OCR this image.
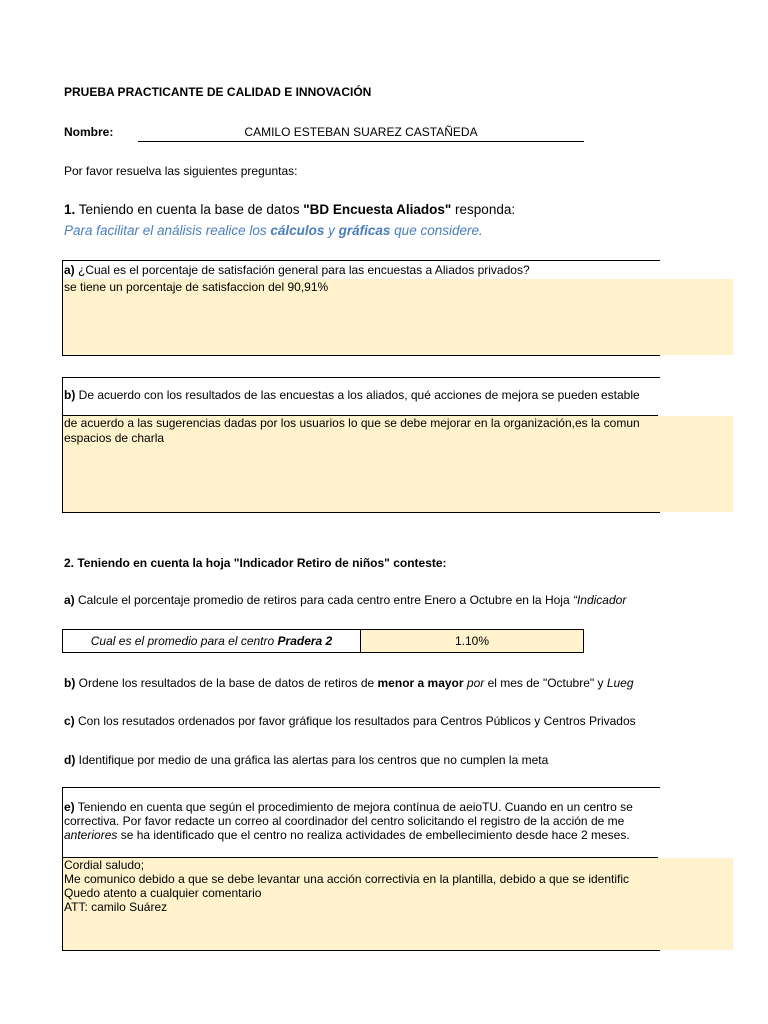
PRUEBA PRACTICANTE DE CALIDAD E INNOVACIÓN
Nombre:	CAMILO ESTEBAN SUAREZ CASTAÑEDA
Por favor resuelva las siguientes preguntas:
1. Teniendo en cuenta la base de datos "BD Encuesta Aliados" responda:
Para facilitar el análisis realice los cálculos y gráficas que considere.
a) ¿Cual es el porcentaje de satisfación general para las encuestas a Aliados privados?
se tiene un porcentaje de satisfaccion del 90,91%
b) De acuerdo con los resultados de las encuestas a los aliados, qué acciones de mejora se pueden estable
de acuerdo a las sugerencias dadas por los usuarios lo que se debe mejorar en la organización,es la comun
espacios de charla
2. Teniendo en cuenta la hoja "Indicador Retiro de niños" conteste:
a) Calcule el porcentaje promedio de retiros para cada centro entre Enero a Octubre en la Hoja “Indicador
Cual es el promedio para el centro Pradera 2	1.10%
b) Ordene los resultados de la base de datos de retiros de menor a mayor por el mes de "Octubre" y Lueg
c) Con los resutados ordenados por favor gráfique los resultados para Centros Públicos y Centros Privados
d) Identifique por medio de una gráfica las alertas para los centros que no cumplen la meta
e) Teniendo en cuenta que según el procedimiento de mejora contínua de aeioTU. Cuando en un centro se
correctiva. Por favor redacte un correo al coordinador del centro solicitando el registro de la acción de me
anteriores se ha identificado que el centro no realiza actividades de embellecimiento desde hace 2 meses.
Cordial saludo;
Me comunico debido a que se debe levantar una acción correctivia en la plantilla, debido a que se identific
Quedo atento a cualquier comentario
ATT: camilo Suárez
